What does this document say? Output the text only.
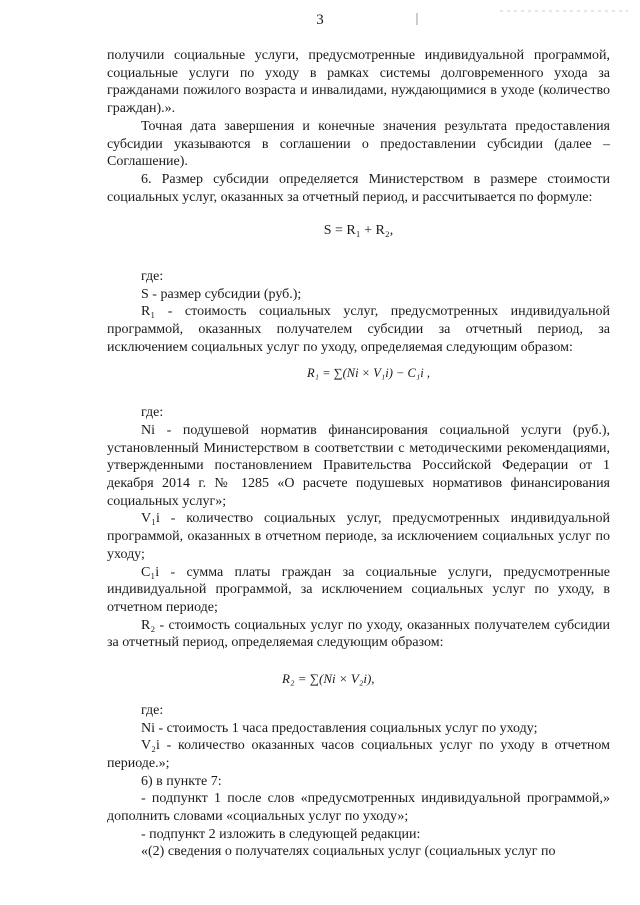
3

получили социальные услуги, предусмотренные индивидуальной программой, социальные услуги по уходу в рамках системы долговременного ухода за гражданами пожилого возраста и инвалидами, нуждающимися в уходе (количество граждан).».

Точная дата завершения и конечные значения результата предоставления субсидии указываются в соглашении о предоставлении субсидии (далее – Соглашение).

6. Размер субсидии определяется Министерством в размере стоимости социальных услуг, оказанных за отчетный период, и рассчитывается по формуле:

S = R₁ + R₂,

где:

S - размер субсидии (руб.);

R₁ - стоимость социальных услуг, предусмотренных индивидуальной программой, оказанных получателем субсидии за отчетный период, за исключением социальных услуг по уходу, определяемая следующим образом:

R₁ = ∑(Ni × V₁i) − C₁i ,

где:

Ni - подушевой норматив финансирования социальной услуги (руб.), установленный Министерством в соответствии с методическими рекомендациями, утвержденными постановлением Правительства Российской Федерации от 1 декабря 2014 г. № 1285 «О расчете подушевых нормативов финансирования социальных услуг»;

V₁i - количество социальных услуг, предусмотренных индивидуальной программой, оказанных в отчетном периоде, за исключением социальных услуг по уходу;

C₁i - сумма платы граждан за социальные услуги, предусмотренные индивидуальной программой, за исключением социальных услуг по уходу, в отчетном периоде;

R₂ - стоимость социальных услуг по уходу, оказанных получателем субсидии за отчетный период, определяемая следующим образом:

R₂ = ∑(Ni × V₂i),

где:

Ni - стоимость 1 часа предоставления социальных услуг по уходу;

V₂i - количество оказанных часов социальных услуг по уходу в отчетном периоде.»;

6) в пункте 7:

- подпункт 1 после слов «предусмотренных индивидуальной программой,» дополнить словами «социальных услуг по уходу»;

- подпункт 2 изложить в следующей редакции:

«(2) сведения о получателях социальных услуг (социальных услуг по
